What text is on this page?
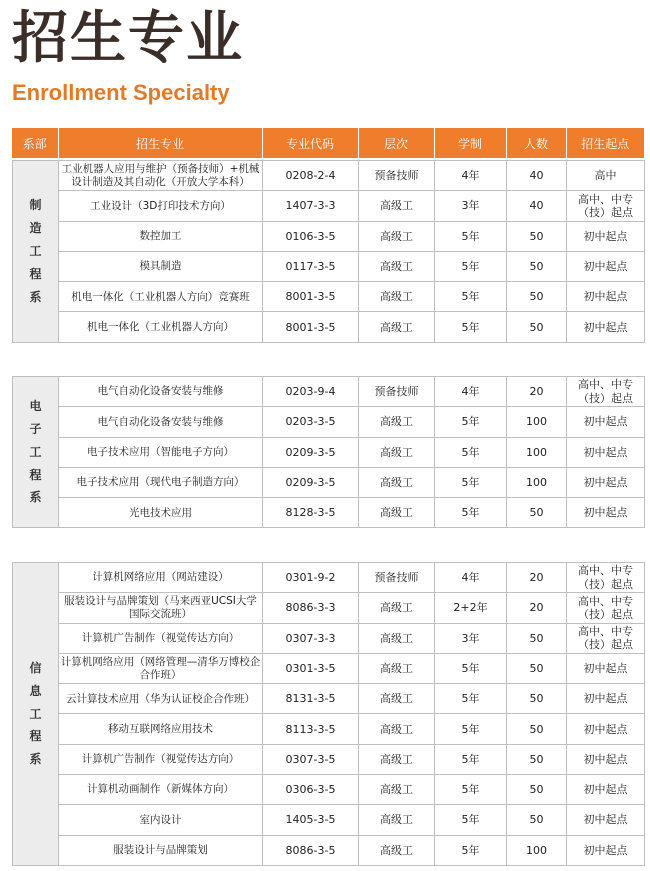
招生专业
Enrollment Specialty
系部	招生专业	专业代码	层次	学制	人数	招生起点
制
造
工
程
系	工业机器人应用与维护（预备技师）+机械设计制造及其自动化（开放大学本科）	0208-2-4	预备技师	4年	40	高中
	工业设计（3D打印技术方向）	1407-3-3	高级工	3年	40	高中、中专（技）起点
	数控加工	0106-3-5	高级工	5年	50	初中起点
	模具制造	0117-3-5	高级工	5年	50	初中起点
	机电一体化（工业机器人方向）竞赛班	8001-3-5	高级工	5年	50	初中起点
	机电一体化（工业机器人方向）	8001-3-5	高级工	5年	50	初中起点
电
子
工
程
系	电气自动化设备安装与维修	0203-9-4	预备技师	4年	20	高中、中专（技）起点
	电气自动化设备安装与维修	0203-3-5	高级工	5年	100	初中起点
	电子技术应用（智能电子方向）	0209-3-5	高级工	5年	100	初中起点
	电子技术应用（现代电子制造方向）	0209-3-5	高级工	5年	100	初中起点
	光电技术应用	8128-3-5	高级工	5年	50	初中起点
信
息
工
程
系	计算机网络应用（网站建设）	0301-9-2	预备技师	4年	20	高中、中专（技）起点
	服装设计与品牌策划（马来西亚UCSI大学国际交流班）	8086-3-3	高级工	2+2年	20	高中、中专（技）起点
	计算机广告制作（视觉传达方向）	0307-3-3	高级工	3年	50	高中、中专（技）起点
	计算机网络应用（网络管理—清华万博校企合作班）	0301-3-5	高级工	5年	50	初中起点
	云计算技术应用（华为认证校企合作班）	8131-3-5	高级工	5年	50	初中起点
	移动互联网络应用技术	8113-3-5	高级工	5年	50	初中起点
	计算机广告制作（视觉传达方向）	0307-3-5	高级工	5年	50	初中起点
	计算机动画制作（新媒体方向）	0306-3-5	高级工	5年	50	初中起点
	室内设计	1405-3-5	高级工	5年	50	初中起点
	服装设计与品牌策划	8086-3-5	高级工	5年	100	初中起点
